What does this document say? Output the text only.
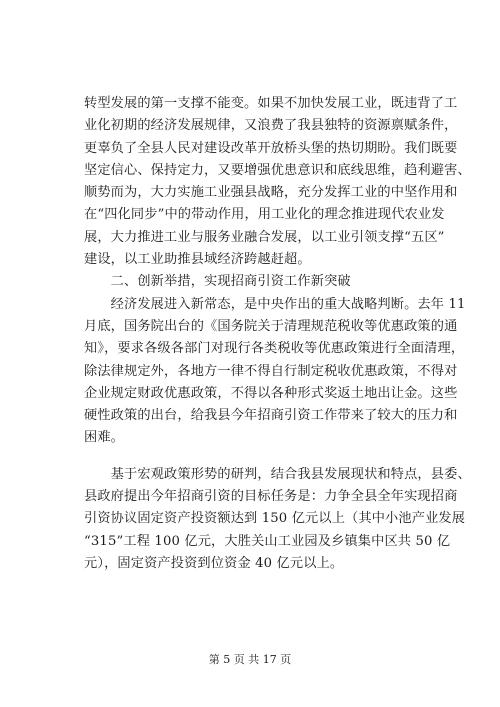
转型发展的第一支撑不能变。如果不加快发展工业，既违背了工
业化初期的经济发展规律，又浪费了我县独特的资源禀赋条件，
更辜负了全县人民对建设改革开放桥头堡的热切期盼。我们既要
坚定信心、保持定力，又要增强优患意识和底线思维，趋利避害、
顺势而为，大力实施工业强县战略，充分发挥工业的中坚作用和
在“四化同步”中的带动作用，用工业化的理念推进现代农业发
展，大力推进工业与服务业融合发展，以工业引领支撑“五区”
建设，以工业助推县域经济跨越赶超。
　　二、创新举措，实现招商引资工作新突破
　　经济发展进入新常态，是中央作出的重大战略判断。去年 11
月底，国务院出台的《国务院关于清理规范税收等优惠政策的通
知》，要求各级各部门对现行各类税收等优惠政策进行全面清理，
除法律规定外，各地方一律不得自行制定税收优惠政策，不得对
企业规定财政优惠政策，不得以各种形式奖返土地出让金。这些
硬性政策的出台，给我县今年招商引资工作带来了较大的压力和
困难。
　　基于宏观政策形势的研判，结合我县发展现状和特点，县委、
县政府提出今年招商引资的目标任务是：力争全县全年实现招商
引资协议固定资产投资额达到 150 亿元以上（其中小池产业发展
“315”工程 100 亿元，大胜关山工业园及乡镇集中区共 50 亿
元），固定资产投资到位资金 40 亿元以上。
第 5 页 共 17 页
